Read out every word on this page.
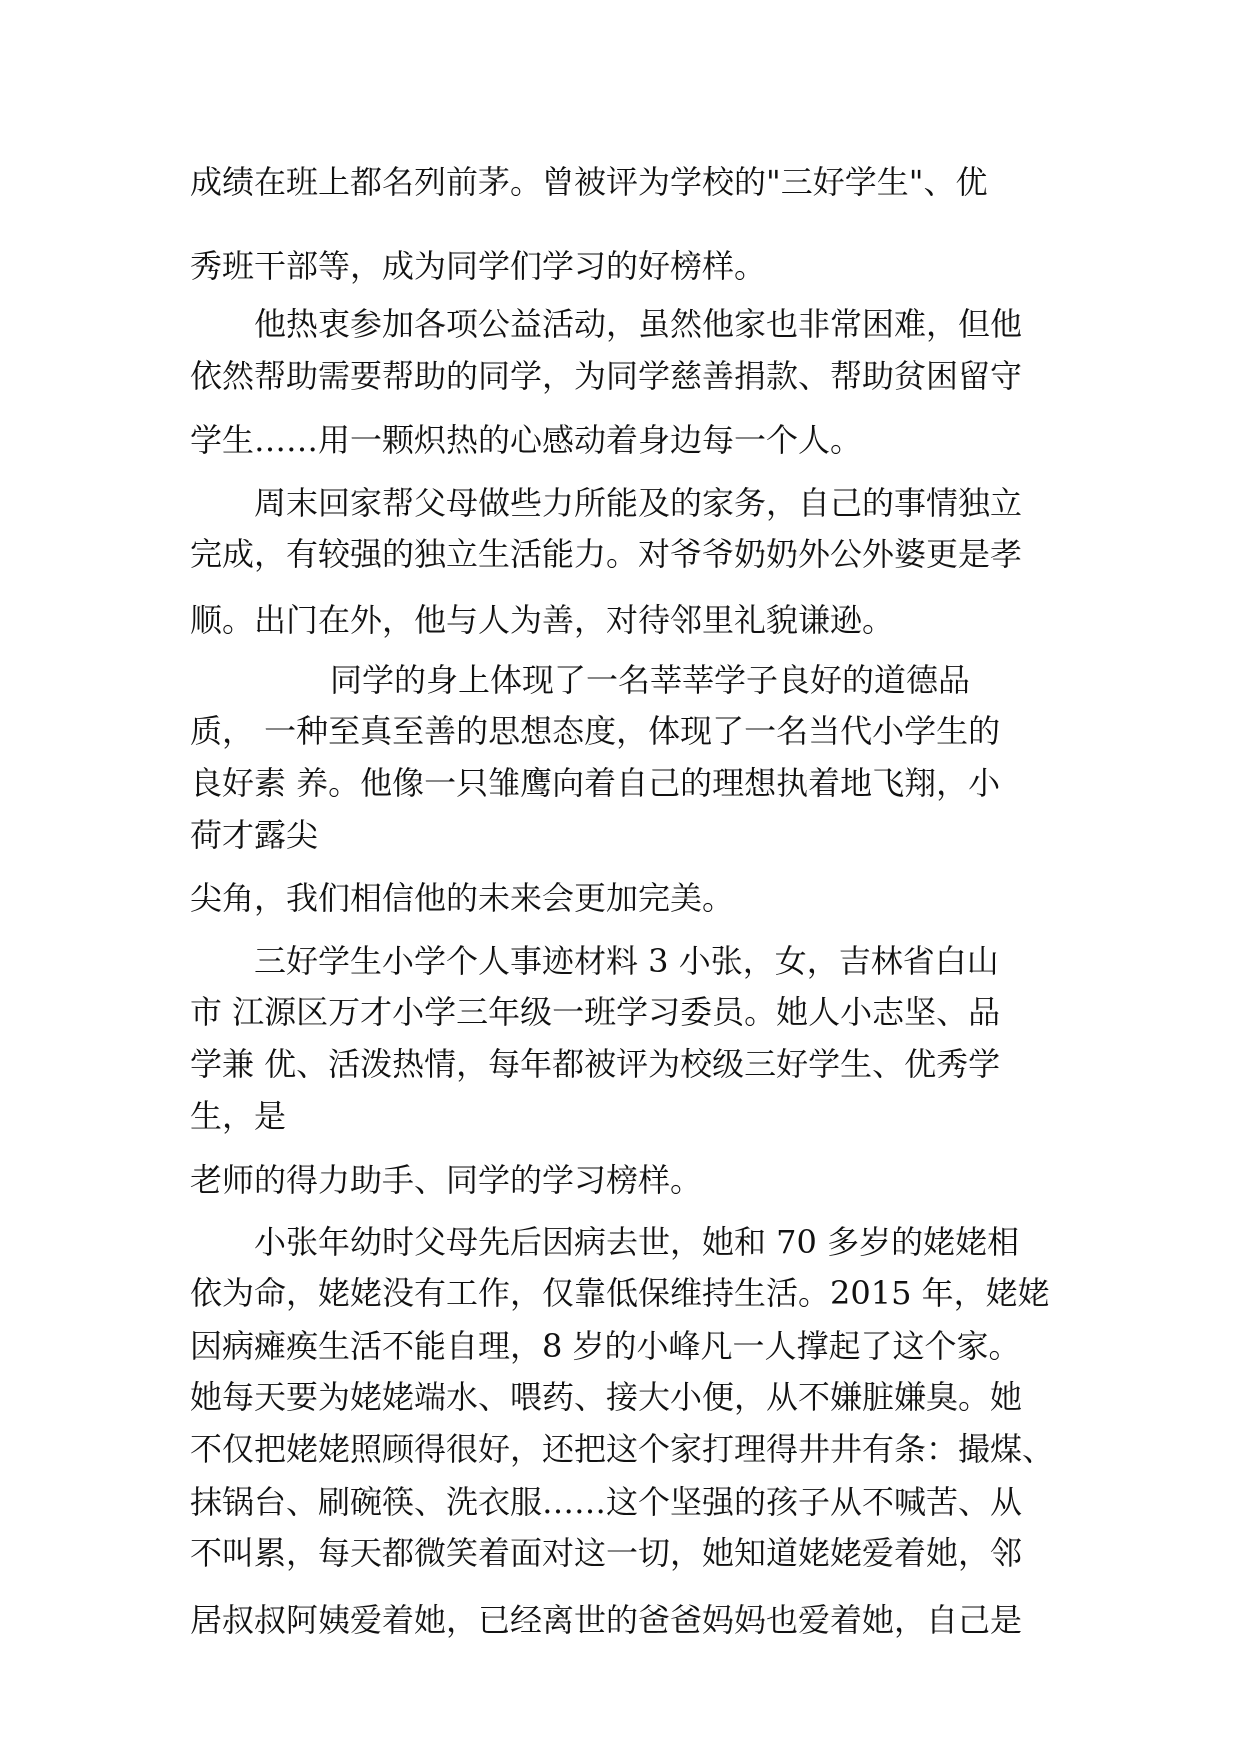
成绩在班上都名列前茅。曾被评为学校的"三好学生"、优
秀班干部等，成为同学们学习的好榜样。
他热衷参加各项公益活动，虽然他家也非常困难，但他
依然帮助需要帮助的同学，为同学慈善捐款、帮助贫困留守
学生……用一颗炽热的心感动着身边每一个人。
周末回家帮父母做些力所能及的家务，自己的事情独立
完成，有较强的独立生活能力。对爷爷奶奶外公外婆更是孝
顺。出门在外，他与人为善，对待邻里礼貌谦逊。
同学的身上体现了一名莘莘学子良好的道德品
质， 一种至真至善的思想态度，体现了一名当代小学生的
良好素 养。他像一只雏鹰向着自己的理想执着地飞翔，小
荷才露尖
尖角，我们相信他的未来会更加完美。
三好学生小学个人事迹材料 3 小张，女，吉林省白山
市 江源区万才小学三年级一班学习委员。她人小志坚、品
学兼 优、活泼热情，每年都被评为校级三好学生、优秀学
生，是
老师的得力助手、同学的学习榜样。
小张年幼时父母先后因病去世，她和 70 多岁的姥姥相
依为命，姥姥没有工作，仅靠低保维持生活。2015 年，姥姥
因病瘫痪生活不能自理，8 岁的小峰凡一人撑起了这个家。
她每天要为姥姥端水、喂药、接大小便，从不嫌脏嫌臭。她
不仅把姥姥照顾得很好，还把这个家打理得井井有条：撮煤、
抹锅台、刷碗筷、洗衣服……这个坚强的孩子从不喊苦、从
不叫累，每天都微笑着面对这一切，她知道姥姥爱着她，邻
居叔叔阿姨爱着她，已经离世的爸爸妈妈也爱着她，自己是
